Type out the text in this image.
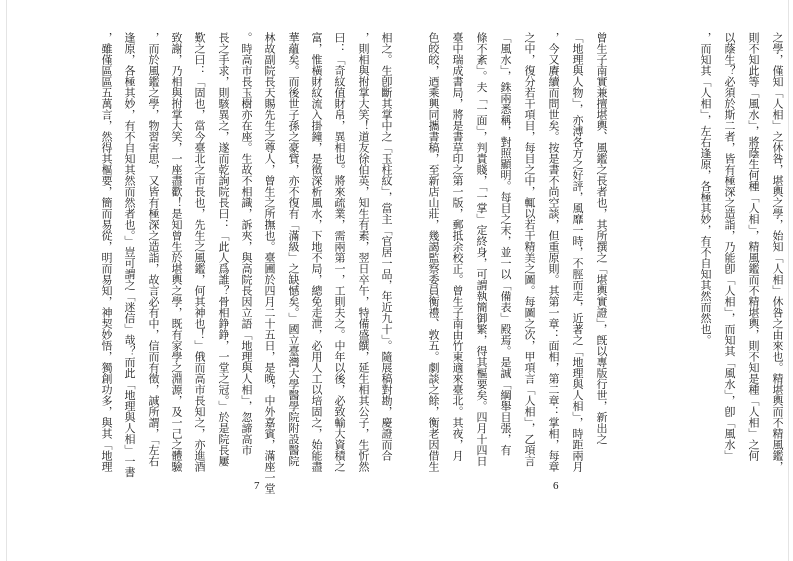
相之。生卽斷其掌中之「玉柱紋」，當主「官居一品，年近九十」。隨展稿對勘，慶證而合
，則相與拊掌大笑！道友徐伯英，知生有素，翌日卒午，特備盛饌，延生相其公子，生忻然
曰：「奇紋值財帛，異相也。將來疏業，需兩第一，工則夫之。中年以後，必致輸大資積之
富，惟橫財紋流入掛鐘，是徵深析風水，下地不局，總免走泄，必用人工以培固之，始能盡
華蘊矣。而後世子孫之豪貲，亦不復有「滿級」之缺憾矣。」國立臺灣大學醫學院附設醫院
林故副院長天賜先生之尊人，曾生之所撫也。臺圃於四月二十五日，是晚，中外嘉賓，滿座一堂
。時高市長玉樹亦在座。生故不相識，訴夾，與高院長因立語「地理與人相」，忽諦高市
長之手求，則駭異之，遂而乾詢院長曰：「此人爲誰？骨相錚錚，一堂之冠。」於是院長屢
歎之曰：「固也，當今臺北之市長也，先生之風鑑，何其神也！」俄而高市長知之，亦進酒
致謝，乃相與拊掌大笑，一座盡歡！是知曾生於堪輿之學，既有家學之淵源，及一己之體驗
，而於風鑑之學，物習害思，又皆有極深之造詣，故言必有中，信而有徵，誠所謂，「左右
逢原，各極其妙，有不自知其然而然者也。」豈可謂之「迷信」哉？而此「地理與人相」一書
，雖僅區區五萬言，然得其樞要，簡而易從，明而易知，神契妙悟，獨創功多，與其「地理
7
之學，僅知「人相」之休咎，堪輿之學，始知「人相」休咎之由來也。精堪輿而不精風鑑，
則不知此等「風水」，將蔭生何種「人相」，精風鑑而不精堪輿，則不知是種「人相」之何
以蔭生？必須於斯二者，皆有極深之造詣，乃能卽「人相」，而知其「風水」，卽「風水」
，而知其「人相」，左右逢原，各極其妙，有不自知其然而然也。
曾生子南實兼擅堪輿、風鑑之長者也，其所撰之「堪輿實證」，旣以專版行世，新出之
「地理與人物」，亦溥各方之好評，風靡一時，不脛而走，近著之「地理與人相」，時距兩月
，今又賡續而問世矣。按是書不尚空談，但重原則。其第一章：面相，第二章：掌相，每章
之中，復分若干項目，每目之中，輒以若干精美之圖。每圖之次，甲項言「人相」，乙項言
「風水」，銖兩悉稱，對照顯明。每目之末，並一以「備表」殿焉。是誠「綱舉目張，有
條不紊」。夫「一面」，判貴賤，「一掌」定終身，可謂執簡御繁，得其樞要矣。四月十四日
臺中瑞成書局，將是書草印之第一版，郵抵余校正。曾生子南由竹東適來臺北。其夜，月
色皎皎，迺乘興同攜書稿，至新店山莊，幾謁監察委員衡禮、敦五。劇談之餘，衡老因借生
6
